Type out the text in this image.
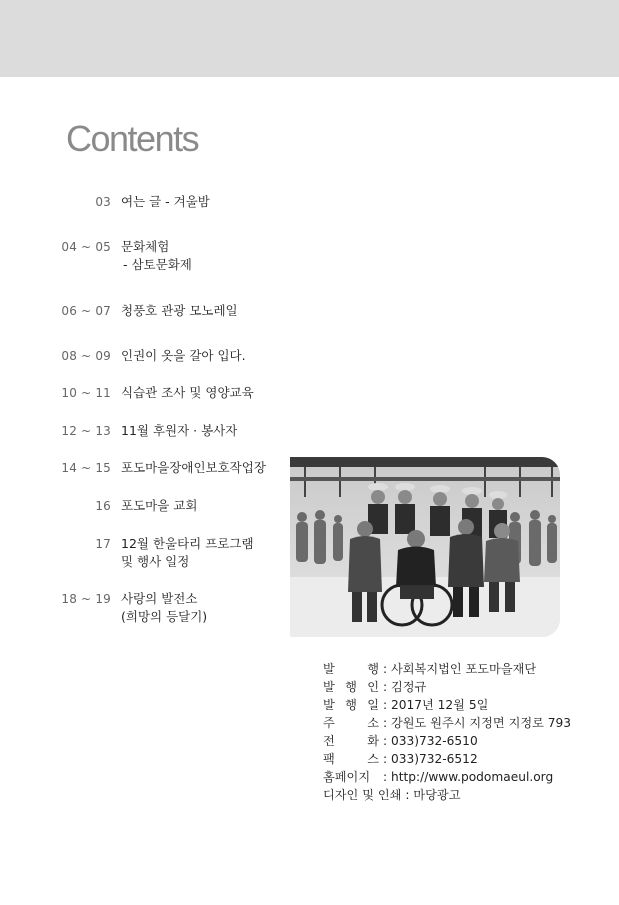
Contents
03 여는 글 - 겨울밤
04 ~ 05 문화체험
- 삼토문화제
06 ~ 07 청풍호 관광 모노레일
08 ~ 09 인권이 옷을 갈아 입다.
10 ~ 11 식습관 조사 및 영양교육
12 ~ 13 11월 후원자 · 봉사자
14 ~ 15 포도마을장애인보호작업장
16 포도마을 교회
17 12월 한울타리 프로그램
및 행사 일정
18 ~ 19 사랑의 발전소
(희망의 등달기)
발　　행 : 사회복지법인 포도마을재단
발 행 인 : 김정규
발 행 일 : 2017년 12월 5일
주　　소 : 강원도 원주시 지정면 지정로 793
전　　화 : 033)732-6510
팩　　스 : 033)732-6512
홈페이지 : http://www.podomaeul.org
디자인 및 인쇄 : 마당광고
